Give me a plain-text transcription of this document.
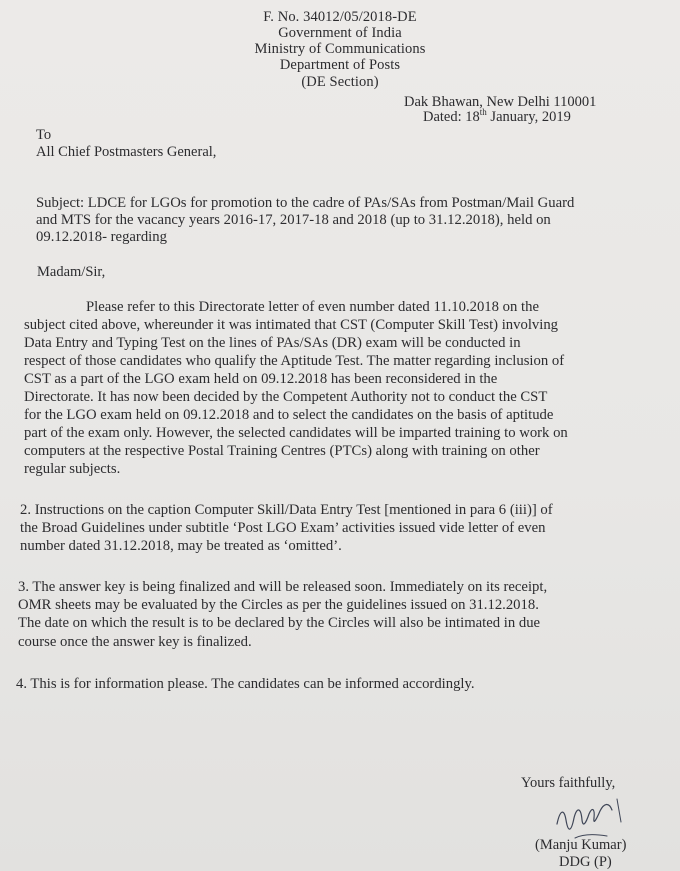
F. No. 34012/05/2018-DE
Government of India
Ministry of Communications
Department of Posts
(DE Section)
Dak Bhawan, New Delhi 110001
Dated: 18th January, 2019
To
All Chief Postmasters General,

Subject: LDCE for LGOs for promotion to the cadre of PAs/SAs from Postman/Mail Guard

and MTS for the vacancy years 2016-17, 2017-18 and 2018 (up to 31.12.2018), held on

09.12.2018- regarding

Madam/Sir,

Please refer to this Directorate letter of even number dated 11.10.2018 on the

subject cited above, whereunder it was intimated that CST (Computer Skill Test) involving

Data Entry and Typing Test on the lines of PAs/SAs (DR) exam will be conducted in

respect of those candidates who qualify the Aptitude Test. The matter regarding inclusion of

CST as a part of the LGO exam held on 09.12.2018 has been reconsidered in the

Directorate. It has now been decided by the Competent Authority not to conduct the CST

for the LGO exam held on 09.12.2018 and to select the candidates on the basis of aptitude

part of the exam only. However, the selected candidates will be imparted training to work on

computers at the respective Postal Training Centres (PTCs) along with training on other

regular subjects.

2. Instructions on the caption Computer Skill/Data Entry Test [mentioned in para 6 (iii)] of

the Broad Guidelines under subtitle ‘Post LGO Exam’ activities issued vide letter of even

number dated 31.12.2018, may be treated as ‘omitted’.

3. The answer key is being finalized and will be released soon. Immediately on its receipt,

OMR sheets may be evaluated by the Circles as per the guidelines issued on 31.12.2018.

The date on which the result is to be declared by the Circles will also be intimated in due

course once the answer key is finalized.

4. This is for information please. The candidates can be informed accordingly.

Yours faithfully,
(Manju Kumar)
DDG (P)
